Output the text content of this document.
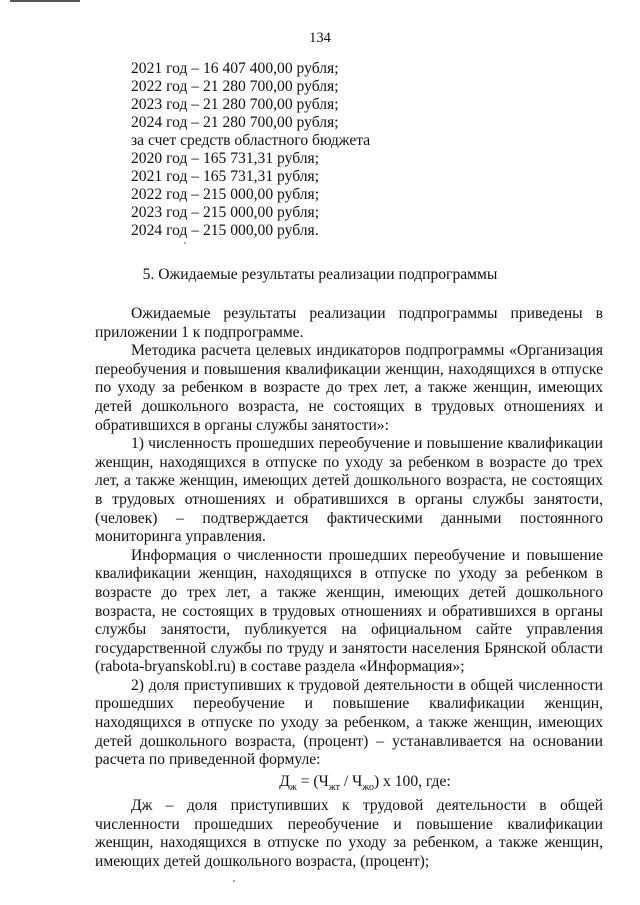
134
2021 год – 16 407 400,00 рубля;
2022 год – 21 280 700,00 рубля;
2023 год – 21 280 700,00 рубля;
2024 год – 21 280 700,00 рубля;
за счет средств областного бюджета
2020 год – 165 731,31 рубля;
2021 год – 165 731,31 рубля;
2022 год – 215 000,00 рубля;
2023 год – 215 000,00 рубля;
2024 год – 215 000,00 рубля.
5. Ожидаемые результаты реализации подпрограммы

Ожидаемые результаты реализации подпрограммы приведены в приложении 1 к подпрограмме.

Методика расчета целевых индикаторов подпрограммы «Организация переобучения и повышения квалификации женщин, находящихся в отпуске по уходу за ребенком в возрасте до трех лет, а также женщин, имеющих детей дошкольного возраста, не состоящих в трудовых отношениях и обратившихся в органы службы занятости»:

1) численность прошедших переобучение и повышение квалификации женщин, находящихся в отпуске по уходу за ребенком в возрасте до трех лет, а также женщин, имеющих детей дошкольного возраста, не состоящих в трудовых отношениях и обратившихся в органы службы занятости, (человек) – подтверждается фактическими данными постоянного мониторинга управления.

Информация о численности прошедших переобучение и повышение квалификации женщин, находящихся в отпуске по уходу за ребенком в возрасте до трех лет, а также женщин, имеющих детей дошкольного возраста, не состоящих в трудовых отношениях и обратившихся в органы службы занятости, публикуется на официальном сайте управления государственной службы по труду и занятости населения Брянской области (rabota-bryanskobl.ru) в составе раздела «Информация»;

2) доля приступивших к трудовой деятельности в общей численности прошедших переобучение и повышение квалификации женщин, находящихся в отпуске по уходу за ребенком, а также женщин, имеющих детей дошкольного возраста, (процент) – устанавливается на основании расчета по приведенной формуле:

$Д_ж = (Ч_{жт} / Ч_{жо})$ х 100, где:

Дж – доля приступивших к трудовой деятельности в общей численности прошедших переобучение и повышение квалификации женщин, находящихся в отпуске по уходу за ребенком, а также женщин, имеющих детей дошкольного возраста, (процент);
